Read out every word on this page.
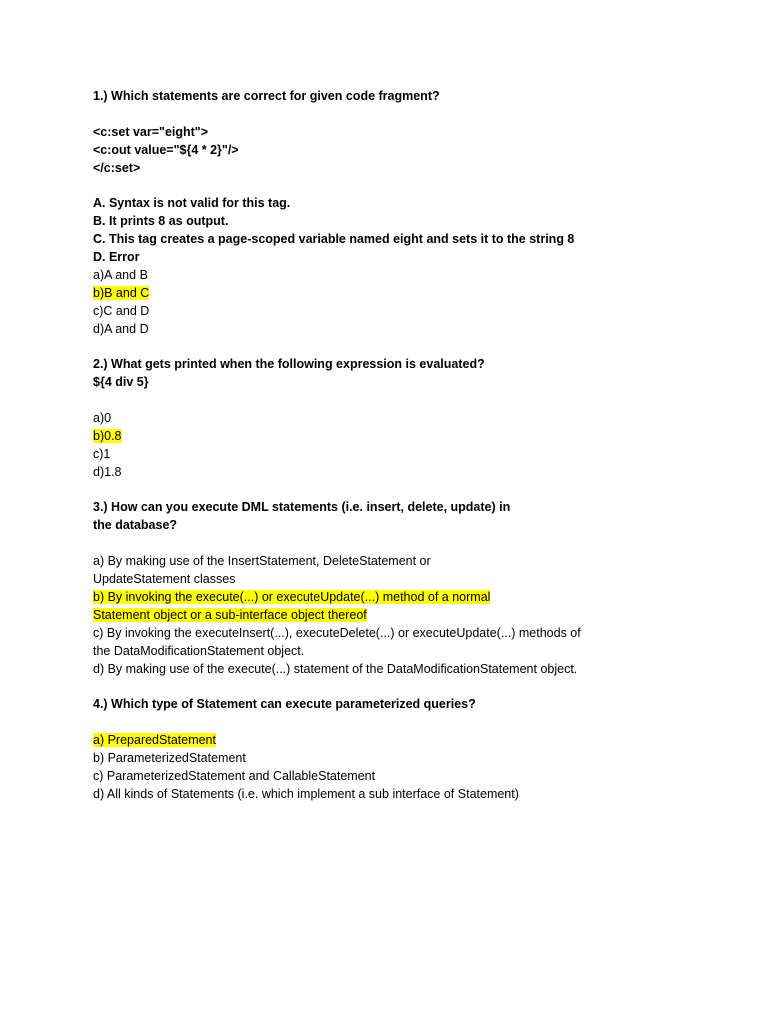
1.) Which statements are correct for given code fragment?
<c:set var="eight">
<c:out value="${4 * 2}"/>
</c:set>
A. Syntax is not valid for this tag.
B. It prints 8 as output.
C. This tag creates a page-scoped variable named eight and sets it to the string 8
D. Error
a)A and B
b)B and C
c)C and D
d)A and D
2.) What gets printed when the following expression is evaluated?
${4 div 5}
a)0
b)0.8
c)1
d)1.8
3.) How can you execute DML statements (i.e. insert, delete, update) in
the database?
a) By making use of the InsertStatement, DeleteStatement or
UpdateStatement classes
b) By invoking the execute(...) or executeUpdate(...) method of a normal
Statement object or a sub-interface object thereof
c) By invoking the executeInsert(...), executeDelete(...) or executeUpdate(...) methods of
the DataModificationStatement object.
d) By making use of the execute(...) statement of the DataModificationStatement object.
4.) Which type of Statement can execute parameterized queries?
a) PreparedStatement
b) ParameterizedStatement
c) ParameterizedStatement and CallableStatement
d) All kinds of Statements (i.e. which implement a sub interface of Statement)
